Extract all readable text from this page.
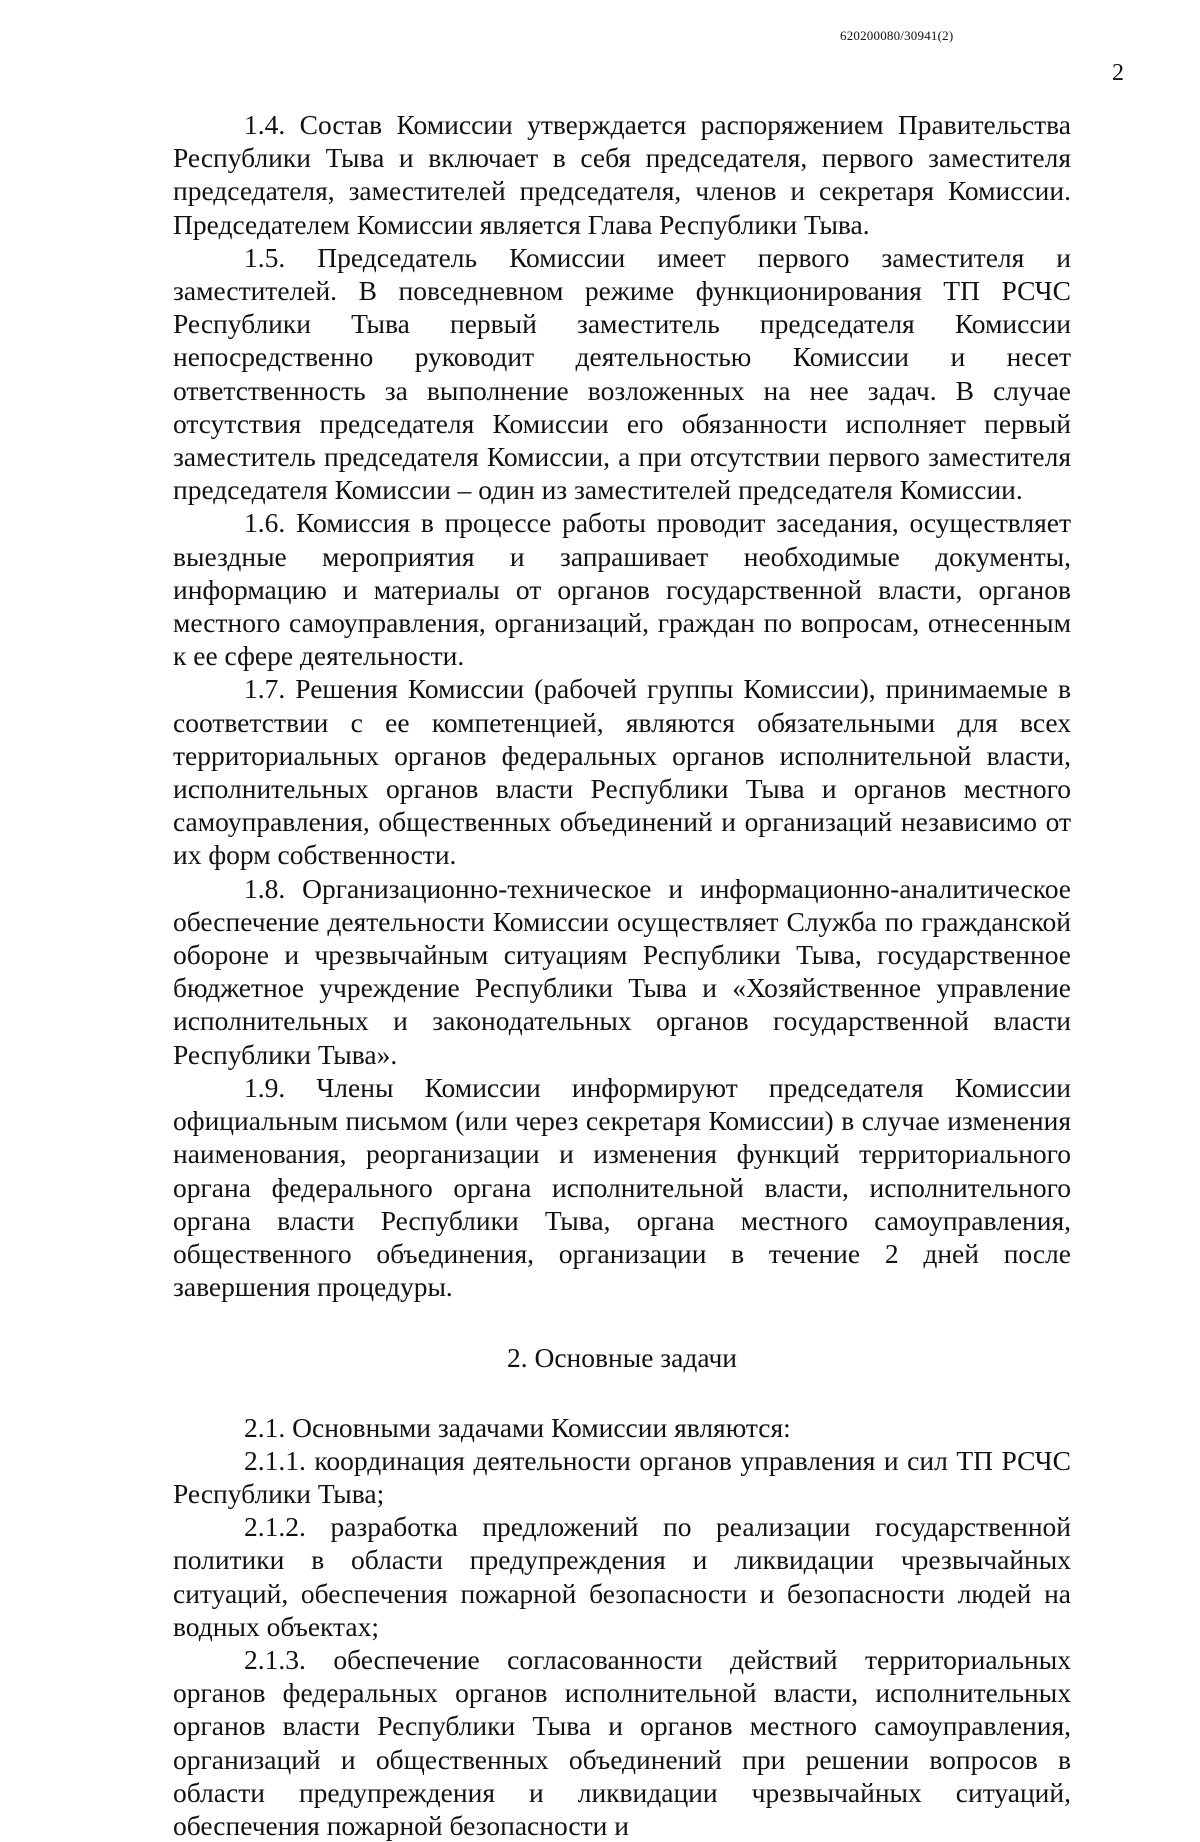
620200080/30941(2)
2

1.4. Состав Комиссии утверждается распоряжением Правительства Республики Тыва и включает в себя председателя, первого заместителя председателя, заместителей председателя, членов и секретаря Комиссии. Председателем Комиссии является Глава Республики Тыва.

1.5. Председатель Комиссии имеет первого заместителя и заместителей. В повседневном режиме функционирования ТП РСЧС Республики Тыва первый заместитель председателя Комиссии непосредственно руководит деятельностью Комиссии и несет ответственность за выполнение возложенных на нее задач. В случае отсутствия председателя Комиссии его обязанности исполняет первый заместитель председателя Комиссии, а при отсутствии первого заместителя председателя Комиссии – один из заместителей председателя Комиссии.

1.6. Комиссия в процессе работы проводит заседания, осуществляет выездные мероприятия и запрашивает необходимые документы, информацию и материалы от органов государственной власти, органов местного самоуправления, организаций, граждан по вопросам, отнесенным к ее сфере деятельности.

1.7. Решения Комиссии (рабочей группы Комиссии), принимаемые в соответствии с ее компетенцией, являются обязательными для всех территориальных органов федеральных органов исполнительной власти, исполнительных органов власти Республики Тыва и органов местного самоуправления, общественных объединений и организаций независимо от их форм собственности.

1.8. Организационно-техническое и информационно-аналитическое обеспечение деятельности Комиссии осуществляет Служба по гражданской обороне и чрезвычайным ситуациям Республики Тыва, государственное бюджетное учреждение Республики Тыва и «Хозяйственное управление исполнительных и законодательных органов государственной власти Республики Тыва».

1.9. Члены Комиссии информируют председателя Комиссии официальным письмом (или через секретаря Комиссии) в случае изменения наименования, реорганизации и изменения функций территориального органа федерального органа исполнительной власти, исполнительного органа власти Республики Тыва, органа местного самоуправления, общественного объединения, организации в течение 2 дней после завершения процедуры.

2. Основные задачи

2.1. Основными задачами Комиссии являются:

2.1.1. координация деятельности органов управления и сил ТП РСЧС Республики Тыва;

2.1.2. разработка предложений по реализации государственной политики в области предупреждения и ликвидации чрезвычайных ситуаций, обеспечения пожарной безопасности и безопасности людей на водных объектах;

2.1.3. обеспечение согласованности действий территориальных органов федеральных органов исполнительной власти, исполнительных органов власти Республики Тыва и органов местного самоуправления, организаций и общественных объединений при решении вопросов в области предупреждения и ликвидации чрезвычайных ситуаций, обеспечения пожарной безопасности и
